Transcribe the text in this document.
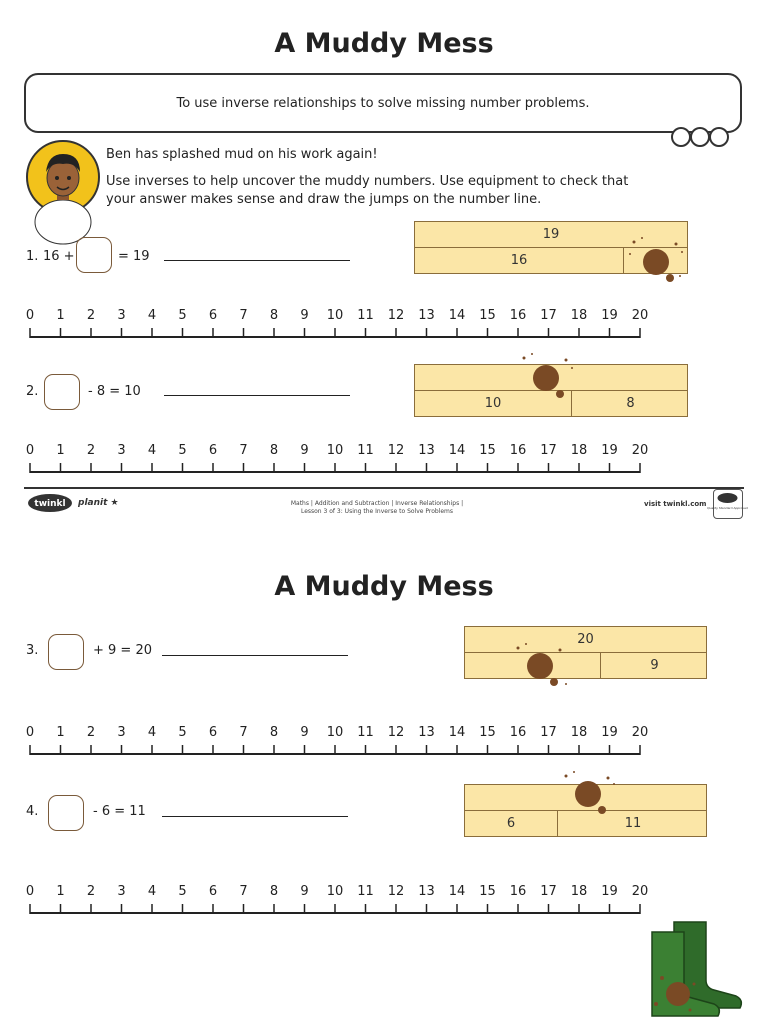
A Muddy Mess
To use inverse relationships to solve missing number problems.
Ben has splashed mud on his work again!
Use inverses to help uncover the muddy numbers. Use equipment to check that
your answer makes sense and draw the jumps on the number line.
1. 16 +	= 19
19
16
0 1 2 3 4 5 6 7 8 9 10 11 12 13 14 15 16 17 18 19 20
2.	- 8 = 10
10	8
0 1 2 3 4 5 6 7 8 9 10 11 12 13 14 15 16 17 18 19 20
twinkl planit ★	Maths | Addition and Subtraction | Inverse Relationships |
Lesson 3 of 3: Using the Inverse to Solve Problems
visit twinkl.com Quality Standard Approved
A Muddy Mess
3.	+ 9 = 20
20
9
0 1 2 3 4 5 6 7 8 9 10 11 12 13 14 15 16 17 18 19 20
4.	- 6 = 11
6	11
0 1 2 3 4 5 6 7 8 9 10 11 12 13 14 15 16 17 18 19 20
